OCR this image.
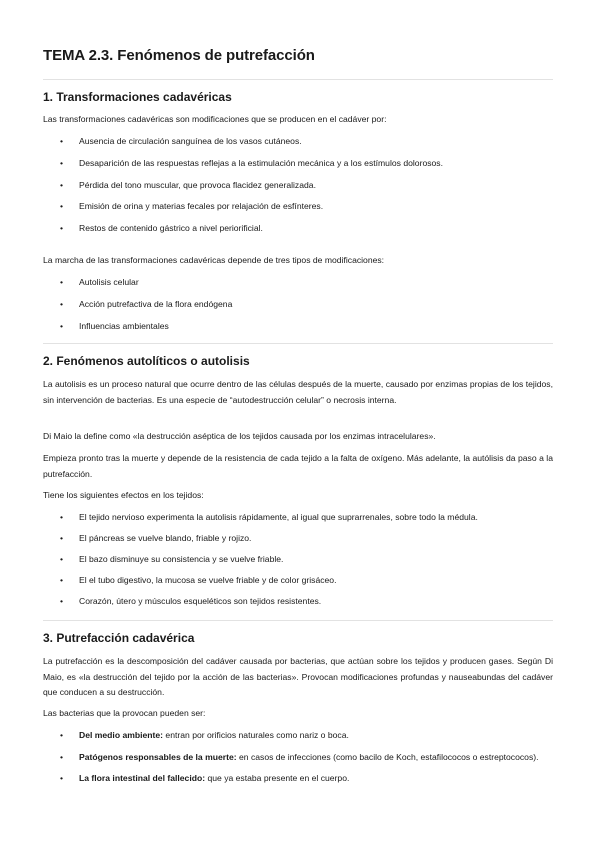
TEMA 2.3. Fenómenos de putrefacción
1. Transformaciones cadavéricas

Las transformaciones cadavéricas son modificaciones que se producen en el cadáver por:

• Ausencia de circulación sanguínea de los vasos cutáneos.
• Desaparición de las respuestas reflejas a la estimulación mecánica y a los estímulos dolorosos.
• Pérdida del tono muscular, que provoca flacidez generalizada.
• Emisión de orina y materias fecales por relajación de esfínteres.
• Restos de contenido gástrico a nivel perioriﬁcial.

La marcha de las transformaciones cadavéricas depende de tres tipos de modificaciones:

• Autolisis celular
• Acción putrefactiva de la flora endógena
• Influencias ambientales
2. Fenómenos autolíticos o autolisis

La autolisis es un proceso natural que ocurre dentro de las células después de la muerte, causado por enzimas propias de los tejidos, sin intervención de bacterias. Es una especie de “autodestrucción celular” o necrosis interna.

Di Maio la define como «la destrucción aséptica de los tejidos causada por los enzimas intracelulares».

Empieza pronto tras la muerte y depende de la resistencia de cada tejido a la falta de oxígeno. Más adelante, la autólisis da paso a la putrefacción.

Tiene los siguientes efectos en los tejidos:

• El tejido nervioso experimenta la autolisis rápidamente, al igual que suprarrenales, sobre todo la médula.
• El páncreas se vuelve blando, friable y rojizo.
• El bazo disminuye su consistencia y se vuelve friable.
• El el tubo digestivo, la mucosa se vuelve friable y de color grisáceo.
• Corazón, útero y músculos esqueléticos son tejidos resistentes.
3. Putrefacción cadavérica

La putrefacción es la descomposición del cadáver causada por bacterias, que actúan sobre los tejidos y producen gases. Según Di Maio, es «la destrucción del tejido por la acción de las bacterias». Provocan modificaciones profundas y nauseabundas del cadáver que conducen a su destrucción.

Las bacterias que la provocan pueden ser:

• Del medio ambiente: entran por orificios naturales como nariz o boca.
• Patógenos responsables de la muerte: en casos de infecciones (como bacilo de Koch, estafilococos o estreptococos).
• La flora intestinal del fallecido: que ya estaba presente en el cuerpo.
